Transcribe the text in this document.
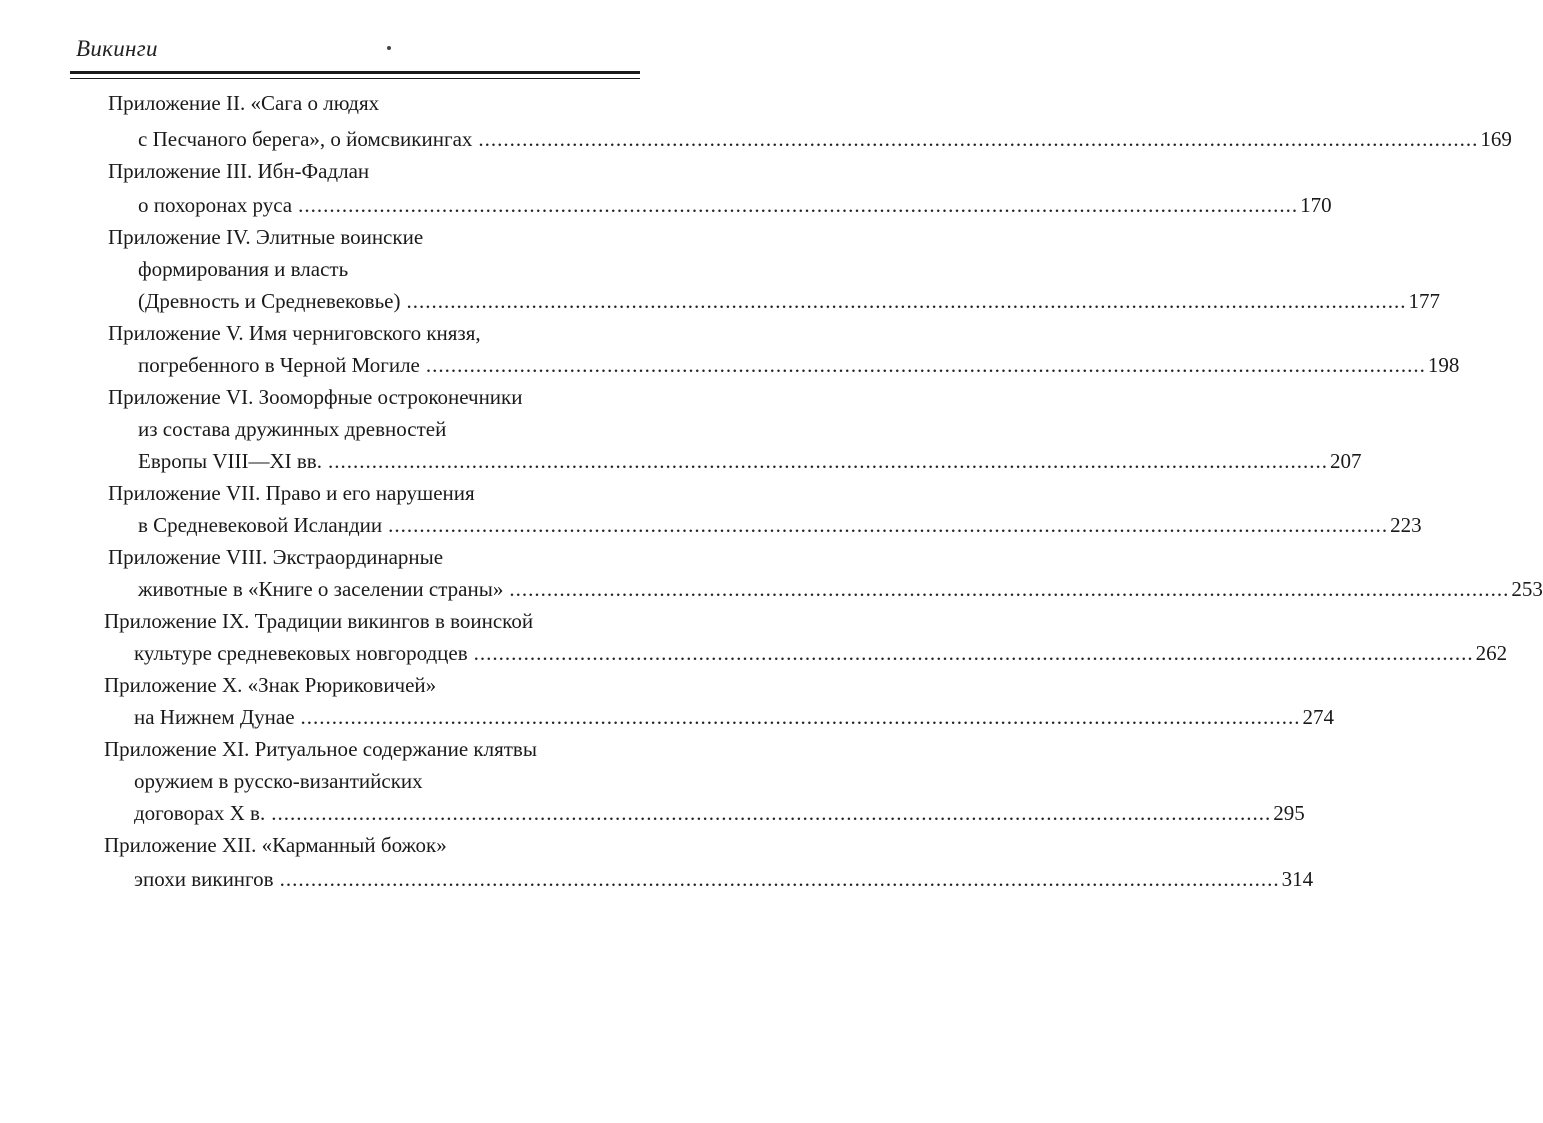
Викинги
Приложение II. «Сага о людях
с Песчаного берега», о йомсвикингах ................................................................................................................................................................ 169
Приложение III. Ибн-Фадлан
о похоронах руса ................................................................................................................................................................ 170
Приложение IV. Элитные воинские
формирования и власть
(Древность и Средневековье) ................................................................................................................................................................ 177
Приложение V. Имя черниговского князя,
погребенного в Черной Могиле ................................................................................................................................................................ 198
Приложение VI. Зооморфные остроконечники
из состава дружинных древностей
Европы VIII—XI вв. ................................................................................................................................................................ 207
Приложение VII. Право и его нарушения
в Средневековой Исландии ................................................................................................................................................................ 223
Приложение VIII. Экстраординарные
животные в «Книге о заселении страны» ................................................................................................................................................................ 253
Приложение IX. Традиции викингов в воинской
культуре средневековых новгородцев ................................................................................................................................................................ 262
Приложение X. «Знак Рюриковичей»
на Нижнем Дунае ................................................................................................................................................................ 274
Приложение XI. Ритуальное содержание клятвы
оружием в русско-византийских
договорах X в. ................................................................................................................................................................ 295
Приложение XII. «Карманный божок»
эпохи викингов ................................................................................................................................................................ 314
